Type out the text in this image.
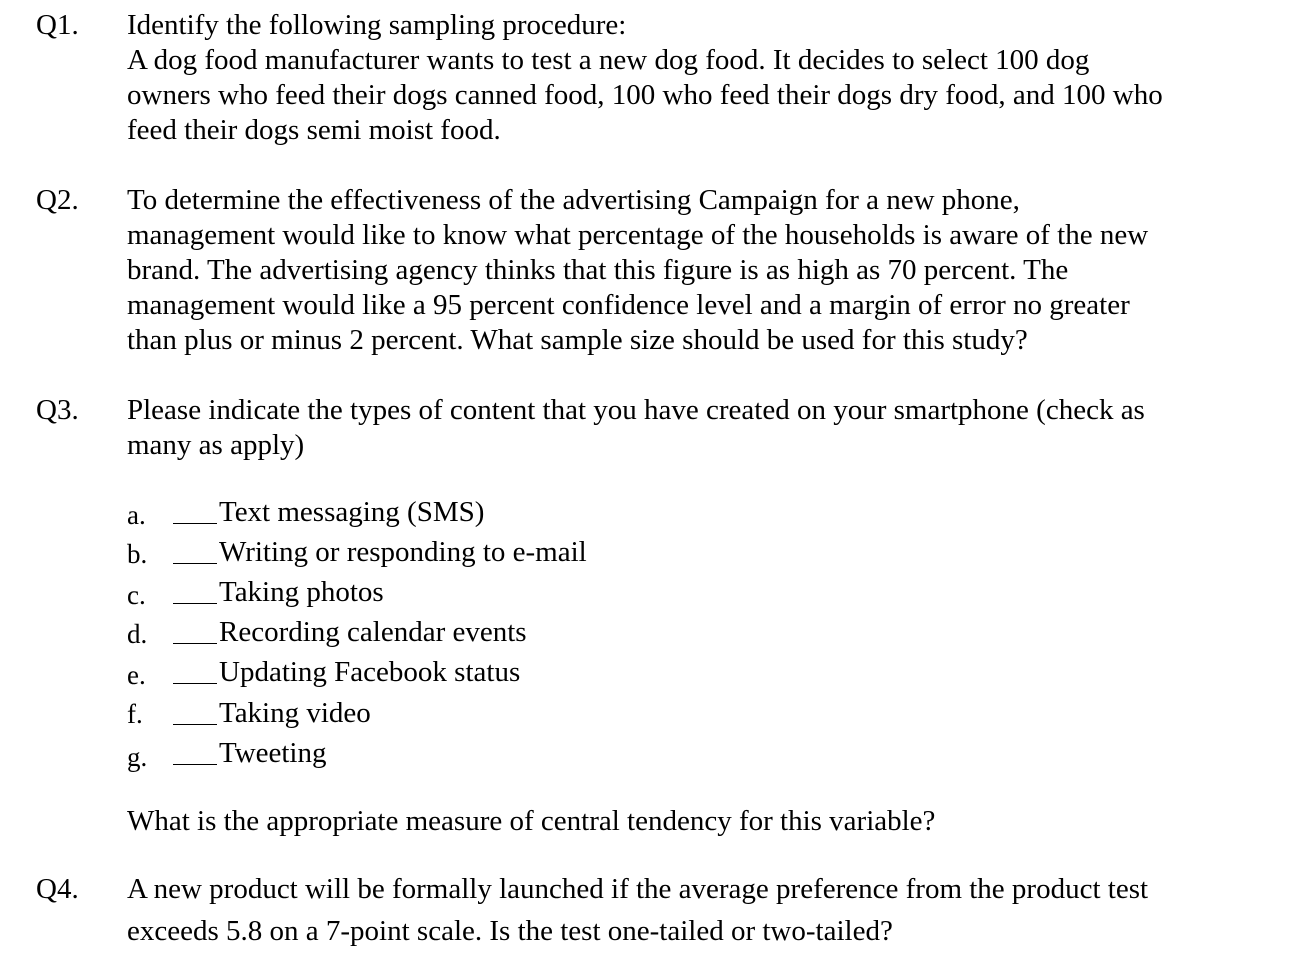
Q1. Identify the following sampling procedure:
A dog food manufacturer wants to test a new dog food. It decides to select 100 dog
owners who feed their dogs canned food, 100 who feed their dogs dry food, and 100 who
feed their dogs semi moist food.
Q2. To determine the effectiveness of the advertising Campaign for a new phone,
management would like to know what percentage of the households is aware of the new
brand. The advertising agency thinks that this figure is as high as 70 percent. The
management would like a 95 percent confidence level and a margin of error no greater
than plus or minus 2 percent. What sample size should be used for this study?
Q3. Please indicate the types of content that you have created on your smartphone (check as
many as apply)
a.	Text messaging (SMS)
b. Writing or responding to e-mail
c.	Taking photos
d. Recording calendar events
e.	Updating Facebook status
f.	Taking video
g. Tweeting
What is the appropriate measure of central tendency for this variable?
Q4. A new product will be formally launched if the average preference from the product test
exceeds 5.8 on a 7-point scale. Is the test one-tailed or two-tailed?
